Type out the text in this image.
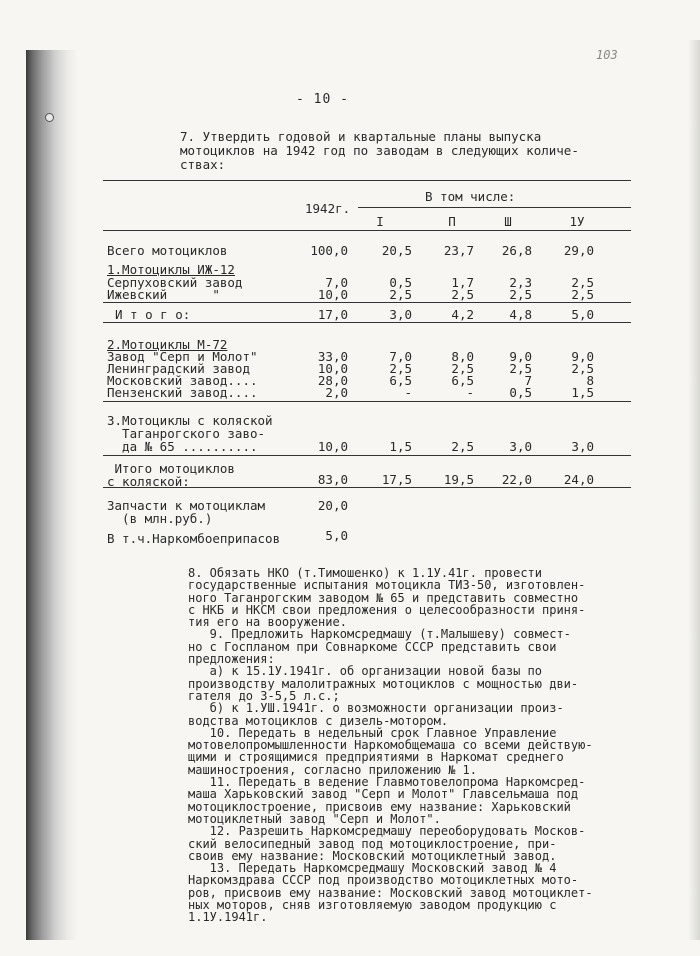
103
- 10 -
7. Утвердить годовой и квартальные планы выпуска
мотоциклов на 1942 год по заводам в следующих количе-
ствах:
1942г.
В том числе:
I	П	Ш	1У
Всего мотоциклов	100,0	20,5	23,7	26,8	29,0
1.Мотоциклы ИЖ-12
Серпуховский завод	7,0	0,5	1,7	2,3	2,5
Ижевский      "	10,0	2,5	2,5	2,5	2,5
И т о г о:	17,0	3,0	4,2	4,8	5,0
2.Мотоциклы М-72
Завод "Серп и Молот"	33,0	7,0	8,0	9,0	9,0
Ленинградский завод	10,0	2,5	2,5	2,5	2,5
Московский завод....	28,0	6,5	6,5	7	8
Пензенский завод....	2,0	-	-	0,5	1,5
3.Мотоциклы с коляской
Таганрогского заво-
да № 65 ..........	10,0	1,5	2,5	3,0	3,0
Итого мотоциклов
с коляской:	83,0	17,5	19,5	22,0	24,0
Запчасти к мотоциклам	20,0
(в млн.руб.)
В т.ч.Наркомбоеприпасов	5,0
8. Обязать НКО (т.Тимошенко) к 1.1У.41г. провести
государственные испытания мотоцикла ТИЗ-50, изготовлен-
ного Таганрогским заводом № 65 и представить совместно
с НКБ и НКСМ свои предложения о целесообразности приня-
тия его на вооружение.
9. Предложить Наркомсредмашу (т.Малышеву) совмест-
но с Госпланом при Совнаркоме СССР представить свои
предложения:
а) к 15.1У.1941г. об организации новой базы по
производству малолитражных мотоциклов с мощностью дви-
гателя до 3-5,5 л.с.;
б) к 1.УШ.1941г. о возможности организации произ-
водства мотоциклов с дизель-мотором.
10. Передать в недельный срок Главное Управление
мотовелопромышленности Наркомобщемаша со всеми действую-
щими и строящимися предприятиями в Наркомат среднего
машиностроения, согласно приложению № 1.
11. Передать в ведение Главмотовелопрома Наркомсред-
маша Харьковский завод "Серп и Молот" Главсельмаша под
мотоциклостроение, присвоив ему название: Харьковский
мотоциклетный завод "Серп и Молот".
12. Разрешить Наркомсредмашу переоборудовать Москов-
ский велосипедный завод под мотоциклостроение, при-
своив ему название: Московский мотоциклетный завод.
13. Передать Наркомсредмашу Московский завод № 4
Наркомздрава СССР под производство мотоциклетных мото-
ров, присвоив ему название: Московский завод мотоциклет-
ных моторов, сняв изготовляемую заводом продукцию с
1.1У.1941г.
